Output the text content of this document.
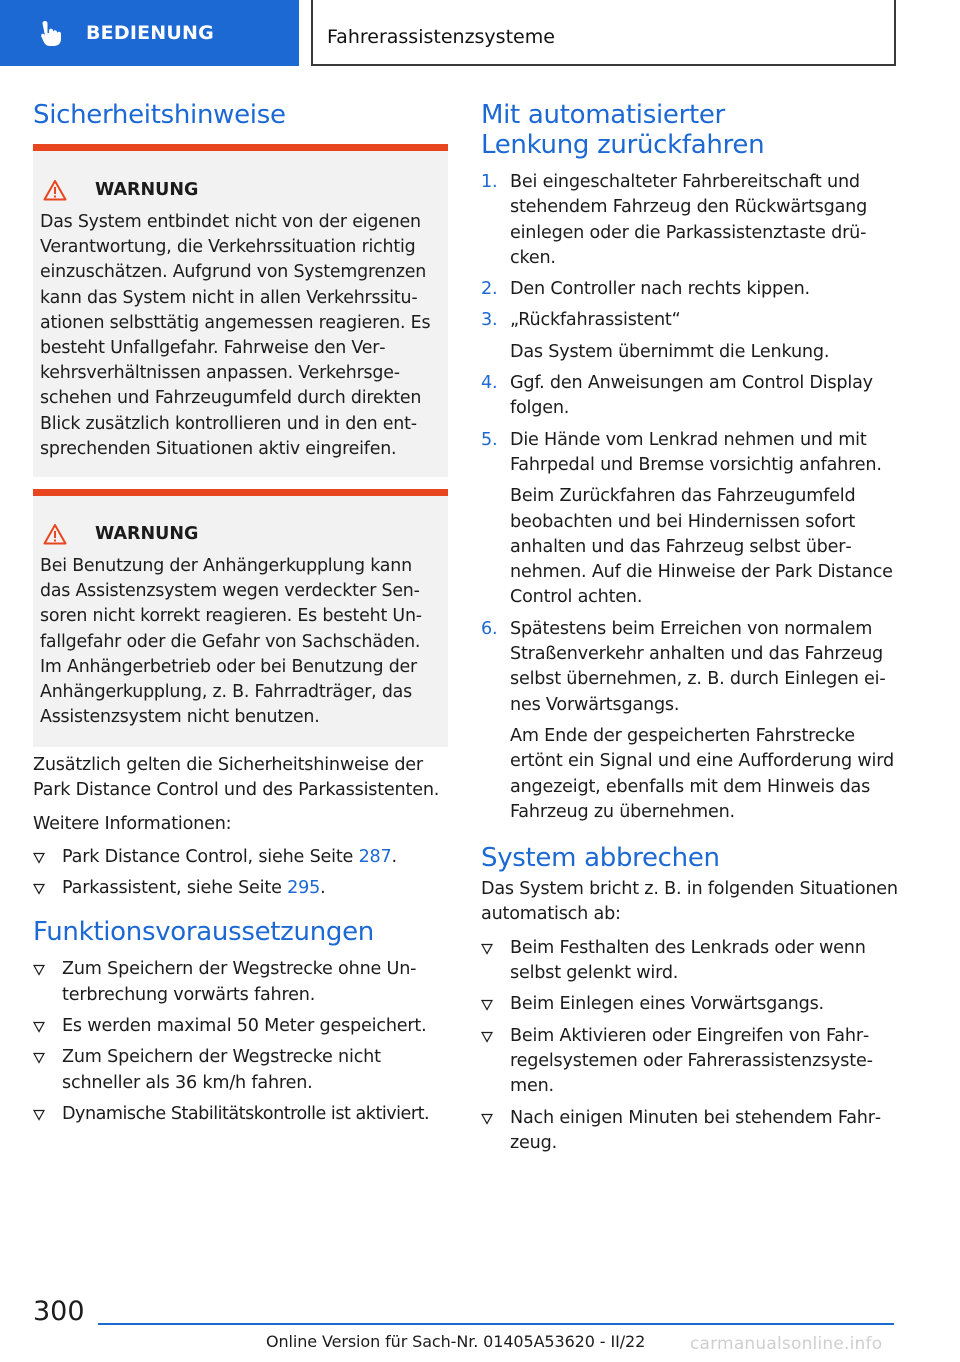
BEDIENUNG	Fahrerassistenzsysteme
Sicherheitshinweise
WARNUNG

Das System entbindet nicht von der eigenen Verantwortung, die Verkehrssituation richtig einzuschätzen. Aufgrund von Systemgrenzen kann das System nicht in allen Verkehrssituationen selbsttätig angemessen reagieren. Es besteht Unfallgefahr. Fahrweise den Verkehrsverhältnissen anpassen. Verkehrsgeschehen und Fahrzeugumfeld durch direkten Blick zusätzlich kontrollieren und in den entsprechenden Situationen aktiv eingreifen.

WARNUNG

Bei Benutzung der Anhängerkupplung kann das Assistenzsystem wegen verdeckter Sensoren nicht korrekt reagieren. Es besteht Unfallgefahr oder die Gefahr von Sachschäden. Im Anhängerbetrieb oder bei Benutzung der Anhängerkupplung, z. B. Fahrradträger, das Assistenzsystem nicht benutzen.

Zusätzlich gelten die Sicherheitshinweise der Park Distance Control und des Parkassistenten.

Weitere Informationen:

Park Distance Control, siehe Seite 287.
Parkassistent, siehe Seite 295.
Funktionsvoraussetzungen
Zum Speichern der Wegstrecke ohne Unterbrechung vorwärts fahren.
Es werden maximal 50 Meter gespeichert.
Zum Speichern der Wegstrecke nicht schneller als 36 km/h fahren.
Dynamische Stabilitätskontrolle ist aktiviert.
Mit automatisierter Lenkung zurückfahren
1. Bei eingeschalteter Fahrbereitschaft und stehendem Fahrzeug den Rückwärtsgang einlegen oder die Parkassistenztaste drücken.
2. Den Controller nach rechts kippen.
3. „Rückfahrassistent“
Das System übernimmt die Lenkung.
4. Ggf. den Anweisungen am Control Display folgen.
5. Die Hände vom Lenkrad nehmen und mit Fahrpedal und Bremse vorsichtig anfahren.
Beim Zurückfahren das Fahrzeugumfeld beobachten und bei Hindernissen sofort anhalten und das Fahrzeug selbst übernehmen. Auf die Hinweise der Park Distance Control achten.
6. Spätestens beim Erreichen von normalem Straßenverkehr anhalten und das Fahrzeug selbst übernehmen, z. B. durch Einlegen eines Vorwärtsgangs.
Am Ende der gespeicherten Fahrstrecke ertönt ein Signal und eine Aufforderung wird angezeigt, ebenfalls mit dem Hinweis das Fahrzeug zu übernehmen.
System abbrechen

Das System bricht z. B. in folgenden Situationen automatisch ab:

Beim Festhalten des Lenkrads oder wenn selbst gelenkt wird.
Beim Einlegen eines Vorwärtsgangs.
Beim Aktivieren oder Eingreifen von Fahrregelsystemen oder Fahrerassistenzsystemen.
Nach einigen Minuten bei stehendem Fahrzeug.
300
Online Version für Sach-Nr. 01405A53620 - II/22	carmanualsonline.info
